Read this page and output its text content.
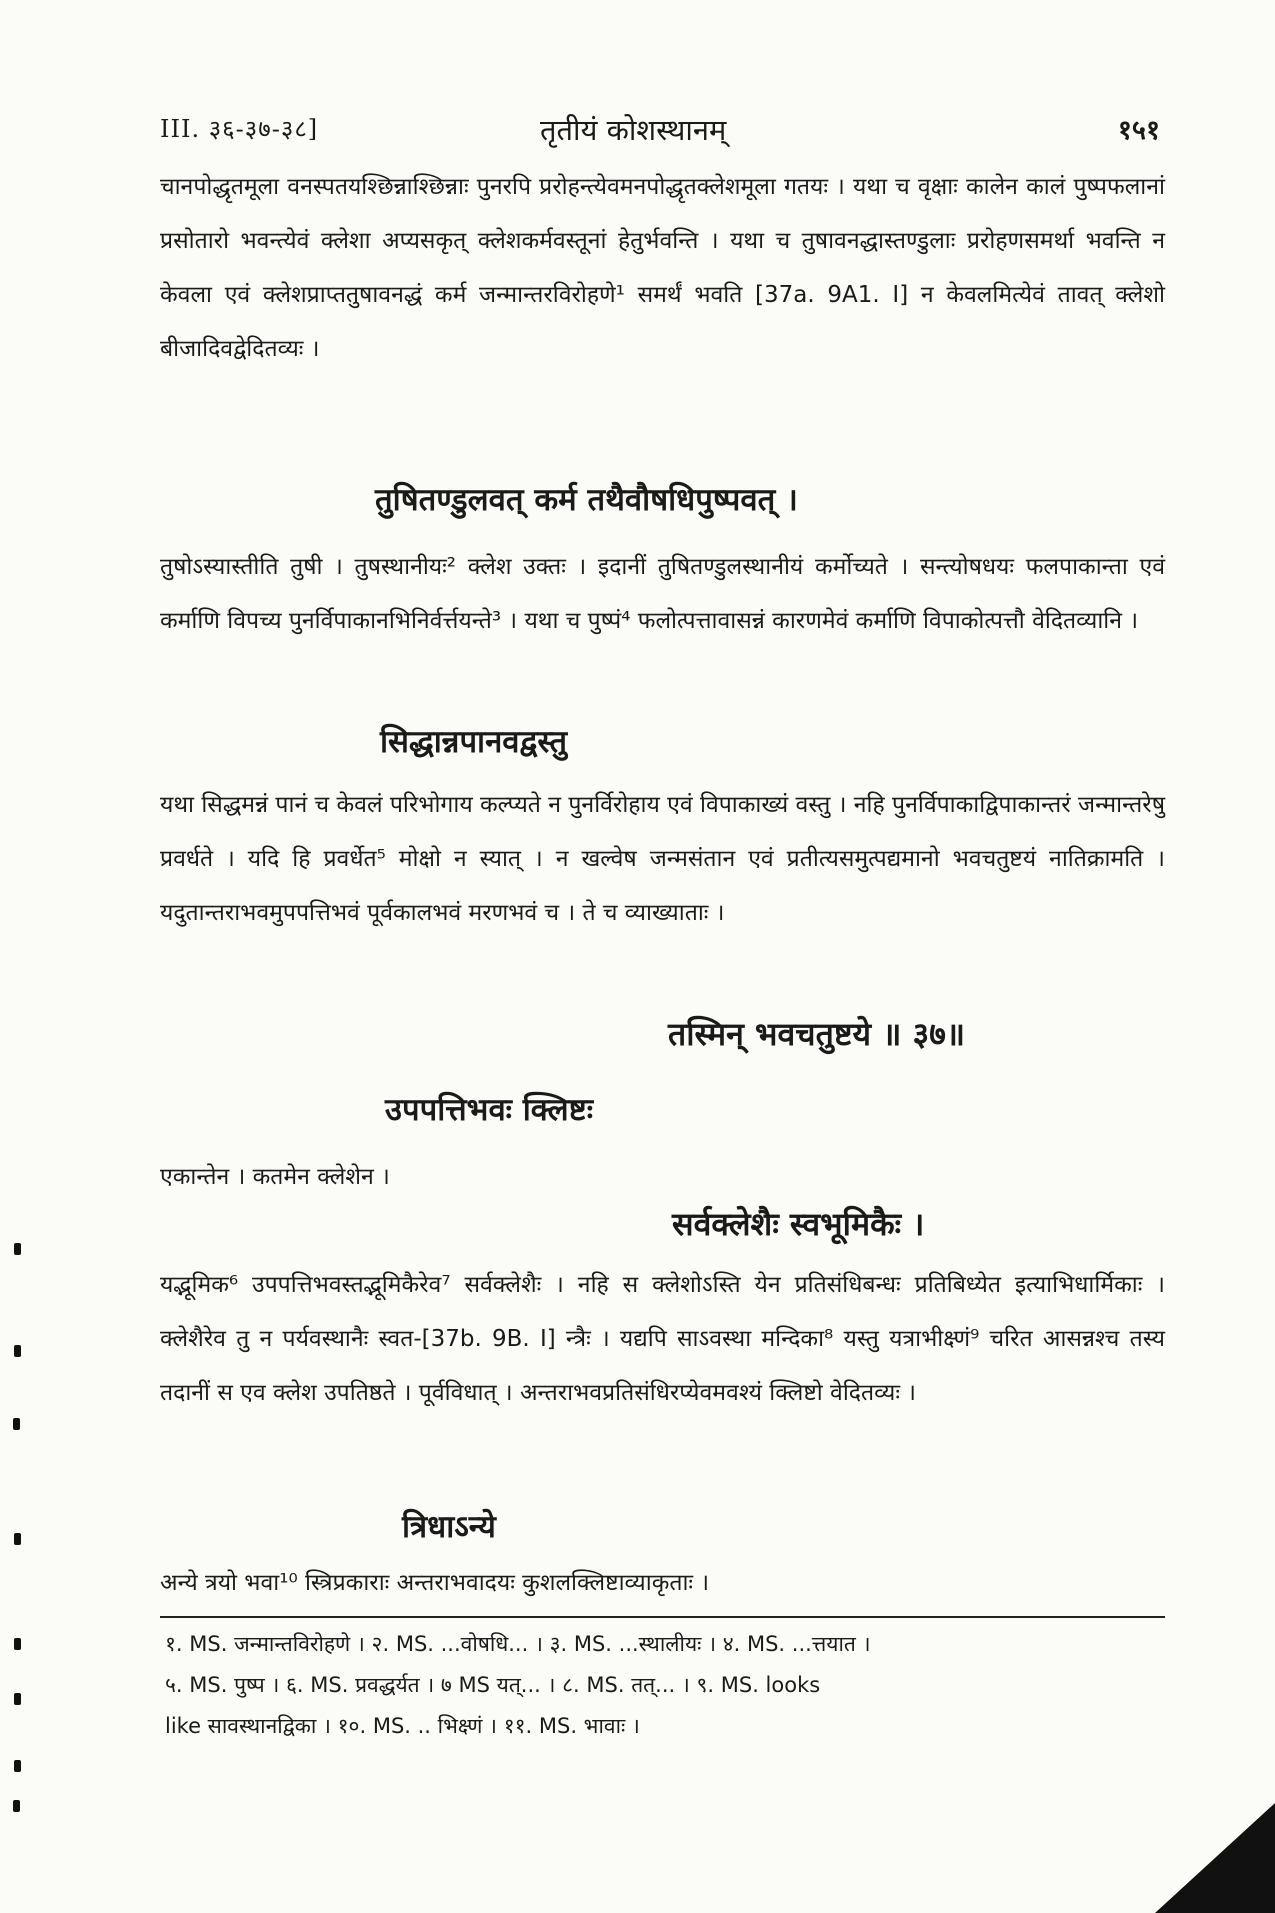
III. ३६-३७-३८]	तृतीयं कोशस्थानम्	१५१

चानपोद्धृतमूला वनस्पतयश्छिन्नाश्छिन्नाः पुनरपि प्ररोहन्त्येवमनपोद्धृतक्लेशमूला गतयः । यथा च वृक्षाः कालेन कालं पुष्पफलानां प्रसोतारो भवन्त्येवं क्लेशा अप्यसकृत् क्लेशकर्मवस्तूनां हेतुर्भवन्ति । यथा च तुषावनद्धास्तण्डुलाः प्ररोहणसमर्था भवन्ति न केवला एवं क्लेशप्राप्ततुषावनद्धं कर्म जन्मान्तरविरोहणे¹ समर्थं भवति [37a. 9A1. I] न केवलमित्येवं तावत् क्लेशो बीजादिवद्वेदितव्यः ।

तुषितण्डुलवत् कर्म तथैवौषधिपुष्पवत् ।

तुषोऽस्यास्तीति तुषी । तुषस्थानीयः² क्लेश उक्तः । इदानीं तुषितण्डुलस्थानीयं कर्मोच्यते । सन्त्योषधयः फलपाकान्ता एवं कर्माणि विपच्य पुनर्विपाकानभिनिर्वर्त्तयन्ते³ । यथा च पुष्पं⁴ फलोत्पत्तावासन्नं कारणमेवं कर्माणि विपाकोत्पत्तौ वेदितव्यानि ।

सिद्धान्नपानवद्वस्तु

यथा सिद्धमन्नं पानं च केवलं परिभोगाय कल्प्यते न पुनर्विरोहाय एवं विपाकाख्यं वस्तु । नहि पुनर्विपाकाद्विपाकान्तरं जन्मान्तरेषु प्रवर्धते । यदि हि प्रवर्धेत⁵ मोक्षो न स्यात् । न खल्वेष जन्मसंतान एवं प्रतीत्यसमुत्पद्यमानो भवचतुष्टयं नातिक्रामति । यदुतान्तराभवमुपपत्तिभवं पूर्वकालभवं मरणभवं च । ते च व्याख्याताः ।

तस्मिन् भवचतुष्टये ॥ ३७॥
उपपत्तिभवः क्लिष्टः

एकान्तेन । कतमेन क्लेशेन ।

सर्वक्लेशैः स्वभूमिकैः ।

यद्भूमिक⁶ उपपत्तिभवस्तद्भूमिकैरेव⁷ सर्वक्लेशैः । नहि स क्लेशोऽस्ति येन प्रतिसंधिबन्धः प्रतिबिध्येत इत्याभिधार्मिकाः । क्लेशैरेव तु न पर्यवस्थानैः स्वत-[37b. 9B. I] न्त्रैः । यद्यपि साऽवस्था मन्दिका⁸ यस्तु यत्राभीक्ष्णं⁹ चरित आसन्नश्च तस्य तदानीं स एव क्लेश उपतिष्ठते । पूर्वविधात् । अन्तराभवप्रतिसंधिरप्येवमवश्यं क्लिष्टो वेदितव्यः ।

त्रिधाऽन्ये

अन्ये त्रयो भवा¹⁰ स्त्रिप्रकाराः अन्तराभवादयः कुशलक्लिष्टाव्याकृताः ।

१. MS. जन्मान्तविरोहणे । २. MS. ...वोषधि... । ३. MS. ...स्थालीयः । ४. MS. ...त्तयात ।

५. MS. पुष्प । ६. MS. प्रवद्धर्यत । ७ MS यत्... । ८. MS. तत्... । ९. MS. looks

like सावस्थानद्विका । १०. MS. .. भिक्ष्णं । ११. MS. भावाः ।
